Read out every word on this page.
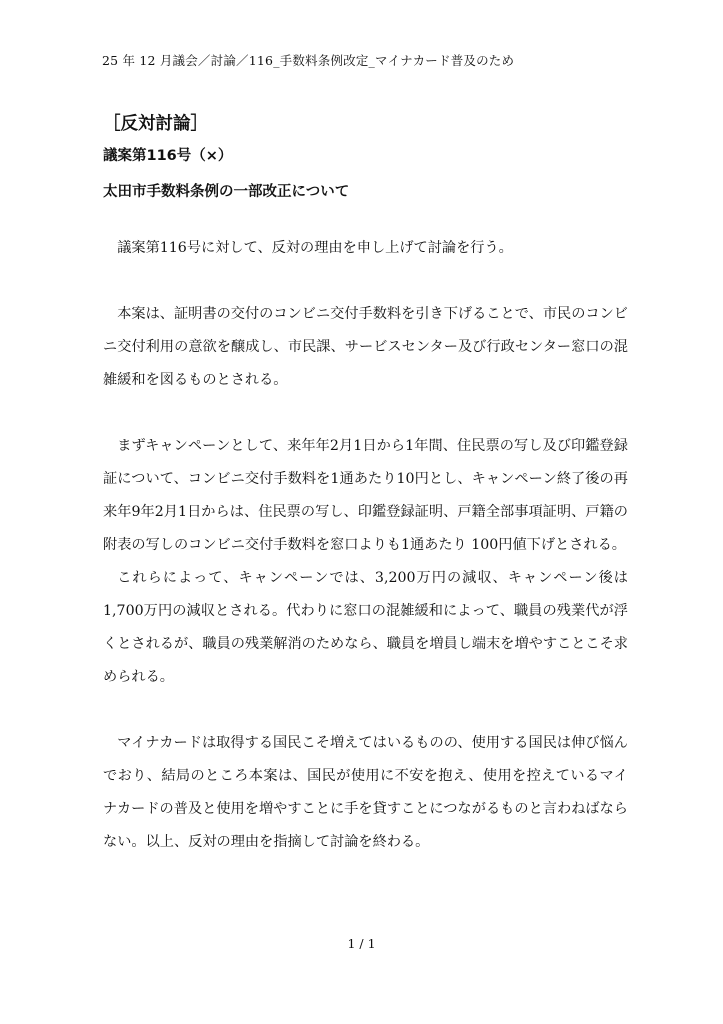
25 年 12 月議会／討論／116_手数料条例改定_マイナカード普及のため
［反対討論］
議案第116号（×）
太田市手数料条例の一部改正について

議案第116号に対して、反対の理由を申し上げて討論を行う。

本案は、証明書の交付のコンビニ交付手数料を引き下げることで、市民のコンビニ交付利用の意欲を醸成し、市民課、サービスセンター及び行政センター窓口の混雑緩和を図るものとされる。

まずキャンペーンとして、来年年2月1日から1年間、住民票の写し及び印鑑登録証について、コンビニ交付手数料を1通あたり10円とし、キャンペーン終了後の再来年9年2月1日からは、住民票の写し、印鑑登録証明、戸籍全部事項証明、戸籍の附表の写しのコンビニ交付手数料を窓口よりも1通あたり 100円値下げとされる。

これらによって、キャンペーンでは、3,200万円の減収、キャンペーン後は1,700万円の減収とされる。代わりに窓口の混雑緩和によって、職員の残業代が浮くとされるが、職員の残業解消のためなら、職員を増員し端末を増やすことこそ求められる。

マイナカードは取得する国民こそ増えてはいるものの、使用する国民は伸び悩んでおり、結局のところ本案は、国民が使用に不安を抱え、使用を控えているマイナカードの普及と使用を増やすことに手を貸すことにつながるものと言わねばならない。以上、反対の理由を指摘して討論を終わる。

1 / 1
